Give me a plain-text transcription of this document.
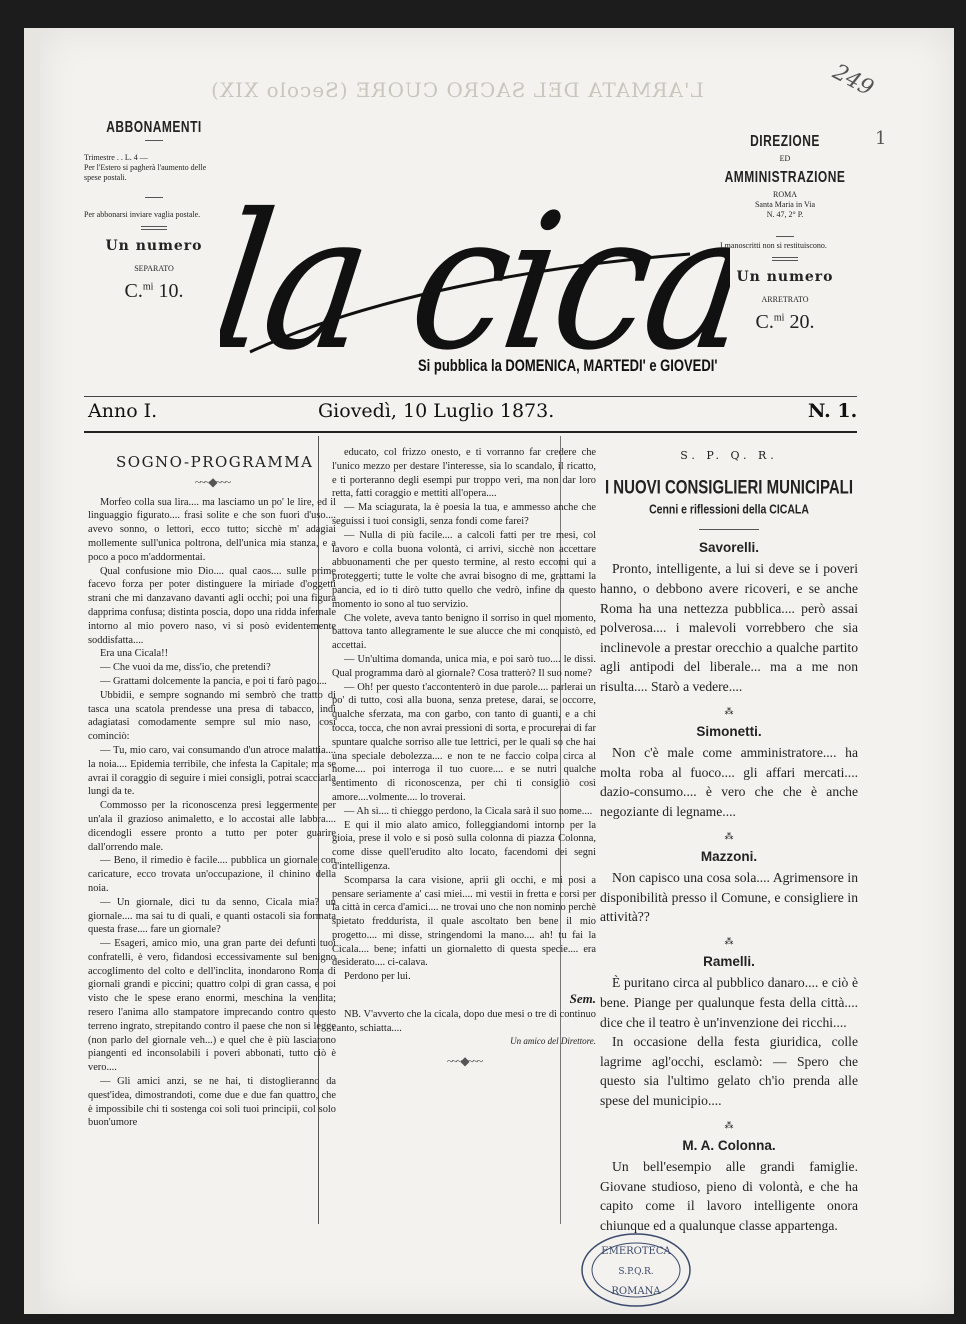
L'ARMATA DEL SACRO CUORE (Secolo XIX)	249
1
ABBONAMENTI
Trimestre . . L. 4 —
Per l'Estero si pagherà l'aumento delle spese postali.
Per abbonarsi inviare vaglia postale.
Un numero
SEPARATO
C.$^{mi}$ 10. la cicala
Si pubblica la DOMENICA, MARTEDI' e GIOVEDI'
DIREZIONE
ED
AMMINISTRAZIONE
ROMA
Santa Maria in Via
N. 47, 2° P.
I manoscritti non si restituiscono.
Un numero
ARRETRATO
C.$^{mi}$ 20.
Anno I.	Giovedì, 10 Luglio 1873.	N. 1.
SOGNO-PROGRAMMA
~~~◆~~~

Morfeo colla sua lira.... ma lasciamo un po' le lire, ed il linguaggio figurato.... frasi solite e che son fuori d'uso.... avevo sonno, o lettori, ecco tutto; sicchè m' adagiai mollemente sull'unica poltrona, dell'unica mia stanza, e a poco a poco m'addormentai.

Qual confusione mio Dio.... qual caos.... sulle prime facevo forza per poter distinguere la miriade d'oggetti strani che mi danzavano davanti agli occhi; poi una figura dapprima confusa; distinta poscia, dopo una ridda infernale intorno al mio povero naso, vi si posò evidentemente soddisfatta....

Era una Cicala!!

— Che vuoi da me, diss'io, che pretendi?

— Grattami dolcemente la pancia, e poi ti farò pago....

Ubbidii, e sempre sognando mi sembrò che tratto di tasca una scatola prendesse una presa di tabacco, indi adagiatasi comodamente sempre sul mio naso, così cominciò:

— Tu, mio caro, vai consumando d'un atroce malattia.... la noia.... Epidemia terribile, che infesta la Capitale; ma se avrai il coraggio di seguire i miei consigli, potrai scacciarla lungi da te.

Commosso per la riconoscenza presi leggermente per un'ala il grazioso animaletto, e lo accostai alle labbra.... dicendogli essere pronto a tutto per poter guarire dall'orrendo male.

— Beno, il rimedio è facile.... pubblica un giornale con caricature, ecco trovata un'occupazione, il chinino della noia.

— Un giornale, dici tu da senno, Cicala mia? un giornale.... ma sai tu di quali, e quanti ostacoli sia formata questa frase.... fare un giornale?

— Esageri, amico mio, una gran parte dei defunti tuoi confratelli, è vero, fidandosi eccessivamente sul benigno accoglimento del colto e dell'inclita, inondarono Roma di giornali grandi e piccini; quattro colpi di gran cassa, e poi visto che le spese erano enormi, meschina la vendita; resero l'anima allo stampatore imprecando contro questo terreno ingrato, strepitando contro il paese che non si legge (non parlo del giornale veh...) e quel che è più lasciarono piangenti ed inconsolabili i poveri abbonati, tutto ciò è vero....

— Gli amici anzi, se ne hai, ti distoglieranno da quest'idea, dimostrandoti, come due e due fan quattro, che è impossibile chi ti sostenga coi soli tuoi principii, col solo buon'umore

educato, col frizzo onesto, e ti vorranno far credere che l'unico mezzo per destare l'interesse, sia lo scandalo, il ricatto, e ti porteranno degli esempi pur troppo veri, ma non dar loro retta, fatti coraggio e mettiti all'opera....

— Ma sciagurata, la è poesia la tua, e ammesso anche che seguissi i tuoi consigli, senza fondi come farei?

— Nulla di più facile.... a calcoli fatti per tre mesi, col lavoro e colla buona volontà, ci arrivi, sicchè non accettare abbuonamenti che per questo termine, al resto eccomi qui a proteggerti; tutte le volte che avrai bisogno di me, grattami la pancia, ed io ti dirò tutto quello che vedrò, infine da questo momento io sono al tuo servizio.

Che volete, aveva tanto benigno il sorriso in quel momento, battova tanto allegramente le sue alucce che mi conquistò, ed accettai.

— Un'ultima domanda, unica mia, e poi sarò tuo.... le dissi. Qual programma darò al giornale? Cosa tratterò? Il suo nome?

— Oh! per questo t'accontenterò in due parole.... parlerai un po' di tutto, così alla buona, senza pretese, darai, se occorre, qualche sferzata, ma con garbo, con tanto di guanti, e a chi tocca, tocca, che non avrai pressioni di sorta, e procurerai di far spuntare qualche sorriso alle tue lettrici, per le quali so che hai una speciale debolezza.... e non te ne faccio colpa circa al nome.... poi interroga il tuo cuore.... e se nutri qualche sentimento di riconoscenza, per chi ti consigliò così amore....volmente.... lo troverai.

— Ah sì.... ti chieggo perdono, la Cicala sarà il suo nome....

E qui il mio alato amico, folleggiandomi intorno per la gioia, prese il volo e si posò sulla colonna di piazza Colonna, come disse quell'erudito alto locato, facendomi dei segni d'intelligenza.

Scomparsa la cara visione, aprii gli occhi, e mi posi a pensare seriamente a' casi miei.... mi vestii in fretta e corsi per la città in cerca d'amici.... ne trovai uno che non nomino perchè spietato freddurista, il quale ascoltato ben bene il mio progetto.... mi disse, stringendomi la mano.... ah! tu fai la Cicala.... bene; infatti un giornaletto di questa specie.... era desiderato.... ci-calava.

Perdono per lui.

Sem.

NB. V'avverto che la cicala, dopo due mesi o tre di continuo canto, schiatta....

Un amico del Direttore.
~~~◆~~~
S. P. Q. R.
I NUOVI CONSIGLIERI MUNICIPALI
Cenni e riflessioni della CICALA
Savorelli.

Pronto, intelligente, a lui si deve se i poveri hanno, o debbono avere ricoveri, e se anche Roma ha una nettezza pubblica.... però assai polverosa.... i malevoli vorrebbero che sia inclinevole a prestar orecchio a qualche partito agli antipodi del liberale... ma a me non risulta.... Starò a vedere....

⁂
Simonetti.

Non c'è male come amministratore.... ha molta roba al fuoco.... gli affari mercati.... dazio-consumo.... è vero che che è anche negoziante di legname....

⁂
Mazzoni.

Non capisco una cosa sola.... Agrimensore in disponibilità presso il Comune, e consigliere in attività??

⁂
Ramelli.

È puritano circa al pubblico danaro.... e ciò è bene. Piange per qualunque festa della città.... dice che il teatro è un'invenzione dei ricchi....

In occasione della festa giuridica, colle lagrime agl'occhi, esclamò: — Spero che questo sia l'ultimo gelato ch'io prenda alle spese del municipio....

⁂
M. A. Colonna.

Un bell'esempio alle grandi famiglie. Giovane studioso, pieno di volontà, e che ha capito come il lavoro intelligente onora chiunque ed a qualunque classe appartenga.

EMEROTECA
S.P.Q.R.
ROMANA
